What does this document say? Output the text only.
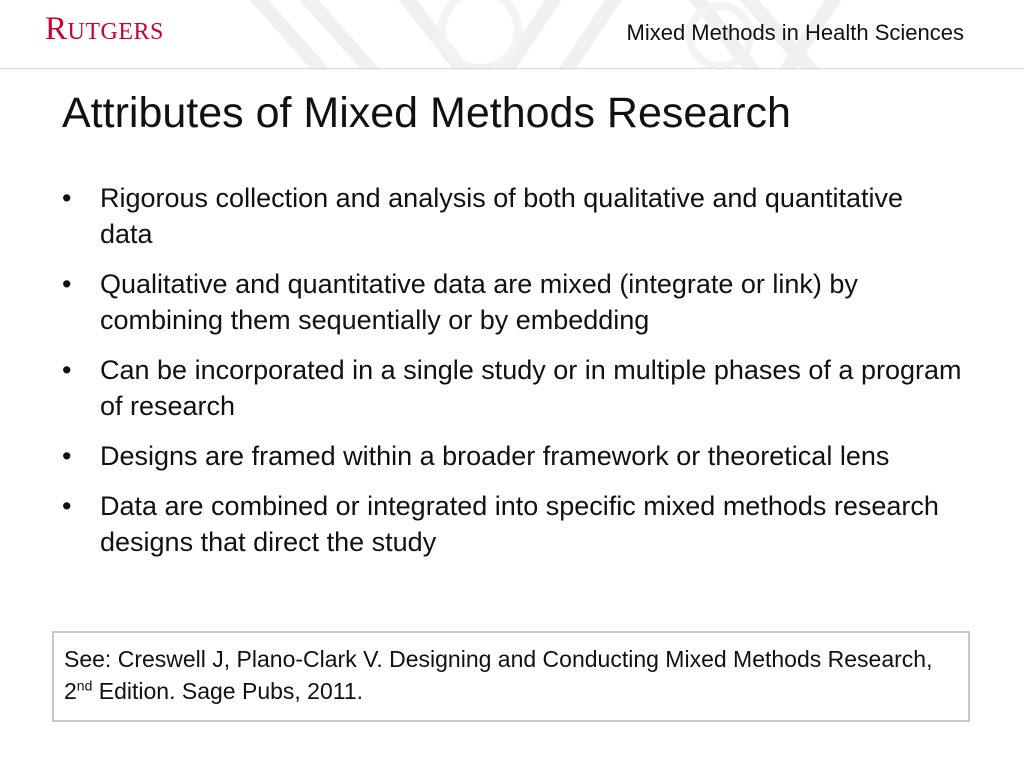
RUTGERS	Mixed Methods in Health Sciences
Attributes of Mixed Methods Research
• Rigorous collection and analysis of both qualitative and quantitative data
• Qualitative and quantitative data are mixed (integrate or link) by combining them sequentially or by embedding
• Can be incorporated in a single study or in multiple phases of a program of research
• Designs are framed within a broader framework or theoretical lens
• Data are combined or integrated into specific mixed methods research designs that direct the study
See: Creswell J, Plano-Clark V. Designing and Conducting Mixed Methods Research, 2nd Edition. Sage Pubs, 2011.
